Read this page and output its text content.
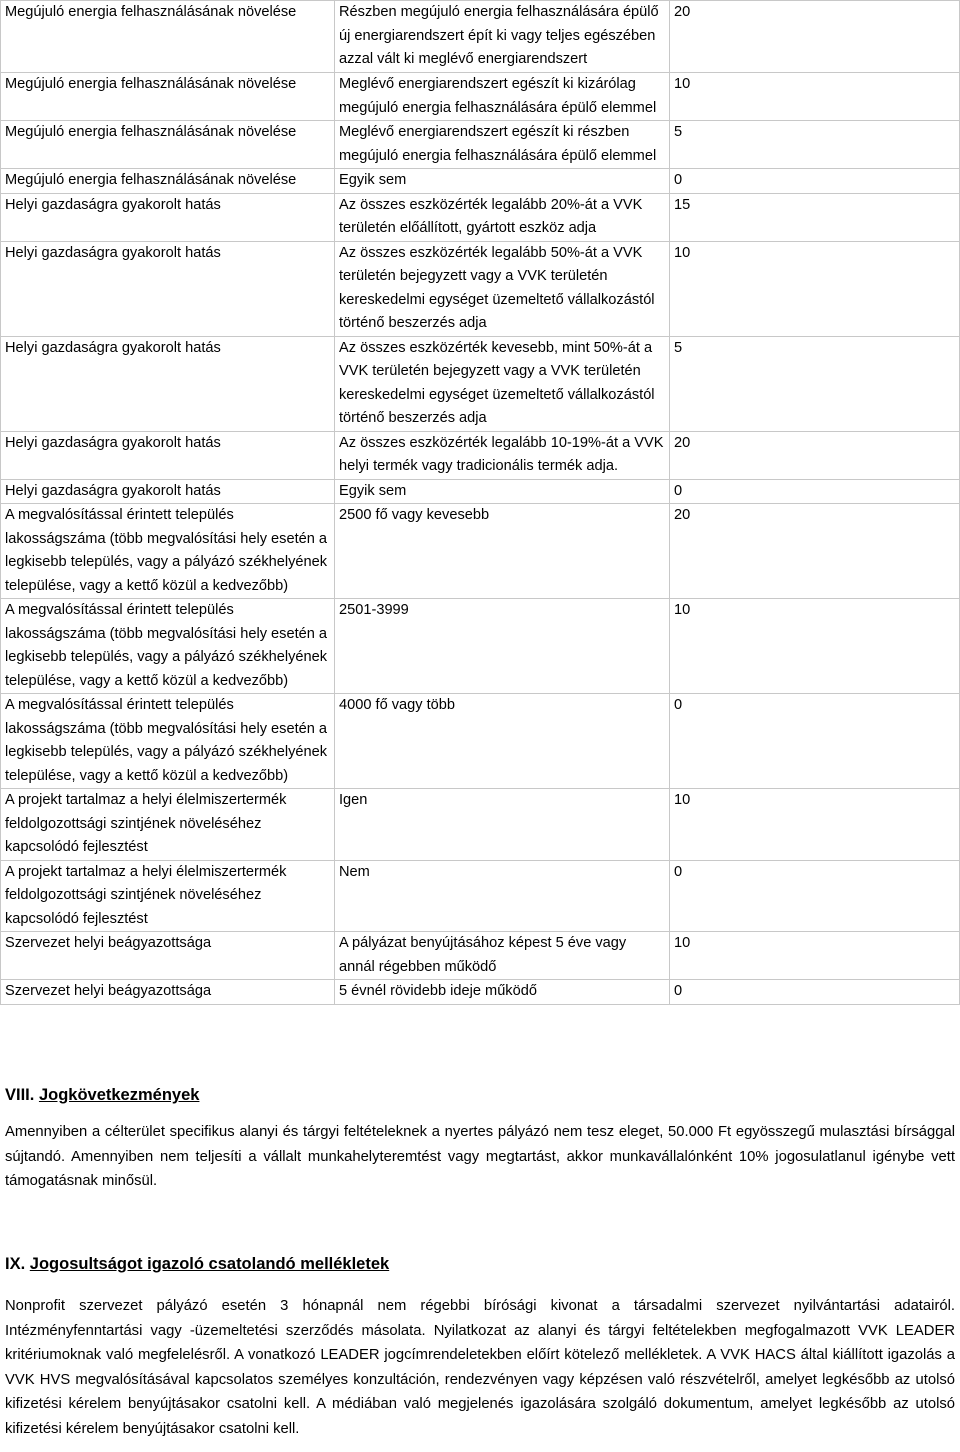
Megújuló energia felhasználásának növelése	Részben megújuló energia felhasználására épülő új energiarendszert épít ki vagy teljes egészében azzal vált ki meglévő energiarendszert	20
Megújuló energia felhasználásának növelése	Meglévő energiarendszert egészít ki kizárólag megújuló energia felhasználására épülő elemmel	10
Megújuló energia felhasználásának növelése	Meglévő energiarendszert egészít ki részben megújuló energia felhasználására épülő elemmel	5
Megújuló energia felhasználásának növelése	Egyik sem	0
Helyi gazdaságra gyakorolt hatás	Az összes eszközérték legalább 20%-át a VVK területén előállított, gyártott eszköz adja	15
Helyi gazdaságra gyakorolt hatás	Az összes eszközérték legalább 50%-át a VVK területén bejegyzett vagy a VVK területén kereskedelmi egységet üzemeltető vállalkozástól történő beszerzés adja	10
Helyi gazdaságra gyakorolt hatás	Az összes eszközérték kevesebb, mint 50%-át a VVK területén bejegyzett vagy a VVK területén kereskedelmi egységet üzemeltető vállalkozástól történő beszerzés adja	5
Helyi gazdaságra gyakorolt hatás	Az összes eszközérték legalább 10-19%-át a VVK helyi termék vagy tradicionális termék adja.	20
Helyi gazdaságra gyakorolt hatás	Egyik sem	0
A megvalósítással érintett település lakosságszáma (több megvalósítási hely esetén a legkisebb település, vagy a pályázó székhelyének települése, vagy a kettő közül a kedvezőbb)	2500 fő vagy kevesebb	20
A megvalósítással érintett település lakosságszáma (több megvalósítási hely esetén a legkisebb település, vagy a pályázó székhelyének települése, vagy a kettő közül a kedvezőbb)	2501-3999	10
A megvalósítással érintett település lakosságszáma (több megvalósítási hely esetén a legkisebb település, vagy a pályázó székhelyének települése, vagy a kettő közül a kedvezőbb)	4000 fő vagy több	0
A projekt tartalmaz a helyi élelmiszertermék feldolgozottsági szintjének növeléséhez kapcsolódó fejlesztést	Igen	10
A projekt tartalmaz a helyi élelmiszertermék feldolgozottsági szintjének növeléséhez kapcsolódó fejlesztést	Nem	0
Szervezet helyi beágyazottsága	A pályázat benyújtásához képest 5 éve vagy annál régebben működő	10
Szervezet helyi beágyazottsága	5 évnél rövidebb ideje működő	0

VIII. Jogkövetkezmények

Amennyiben a célterület specifikus alanyi és tárgyi feltételeknek a nyertes pályázó nem tesz eleget, 50.000 Ft egyösszegű mulasztási bírsággal sújtandó. Amennyiben nem teljesíti a vállalt munkahelyteremtést vagy megtartást, akkor munkavállalónként 10% jogosulatlanul igénybe vett támogatásnak minősül.

IX. Jogosultságot igazoló csatolandó mellékletek

Nonprofit szervezet pályázó esetén 3 hónapnál nem régebbi bírósági kivonat a társadalmi szervezet nyilvántartási adatairól. Intézményfenntartási vagy -üzemeltetési szerződés másolata. Nyilatkozat az alanyi és tárgyi feltételekben megfogalmazott VVK LEADER kritériumoknak való megfelelésről. A vonatkozó LEADER jogcímrendeletekben előírt kötelező mellékletek. A VVK HACS által kiállított igazolás a VVK HVS megvalósításával kapcsolatos személyes konzultáción, rendezvényen vagy képzésen való részvételről, amelyet legkésőbb az utolsó kifizetési kérelem benyújtásakor csatolni kell. A médiában való megjelenés igazolására szolgáló dokumentum, amelyet legkésőbb az utolsó kifizetési kérelem benyújtásakor csatolni kell.
